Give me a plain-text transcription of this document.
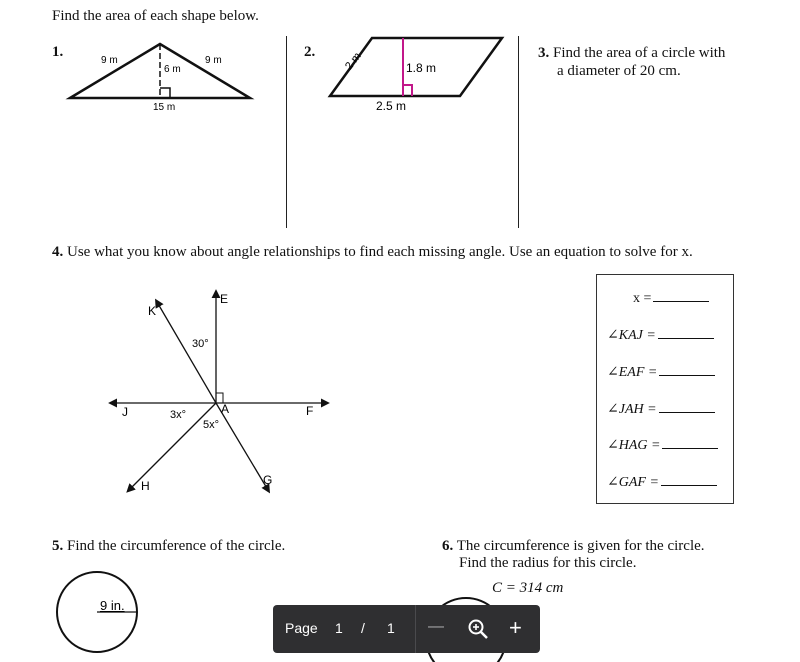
Find the area of each shape below.
1.
9 m	9 m
6 m
15 m
2.	2 m	1.8 m
2.5 m
3. Find the area of a circle with
a diameter of 20 cm.
4. Use what you know about angle relationships to find each missing angle. Use an equation to solve for x.
K
E
J	A	F
H	G
30°
3x°
5x°
x =
∠KAJ =
∠EAF =
∠JAH =
∠HAG =
∠GAF =
5. Find the circumference of the circle.
9 in.
6. The circumference is given for the circle.
Find the radius for this circle.
C = 314 cm
Page 1 / 1 —	+
